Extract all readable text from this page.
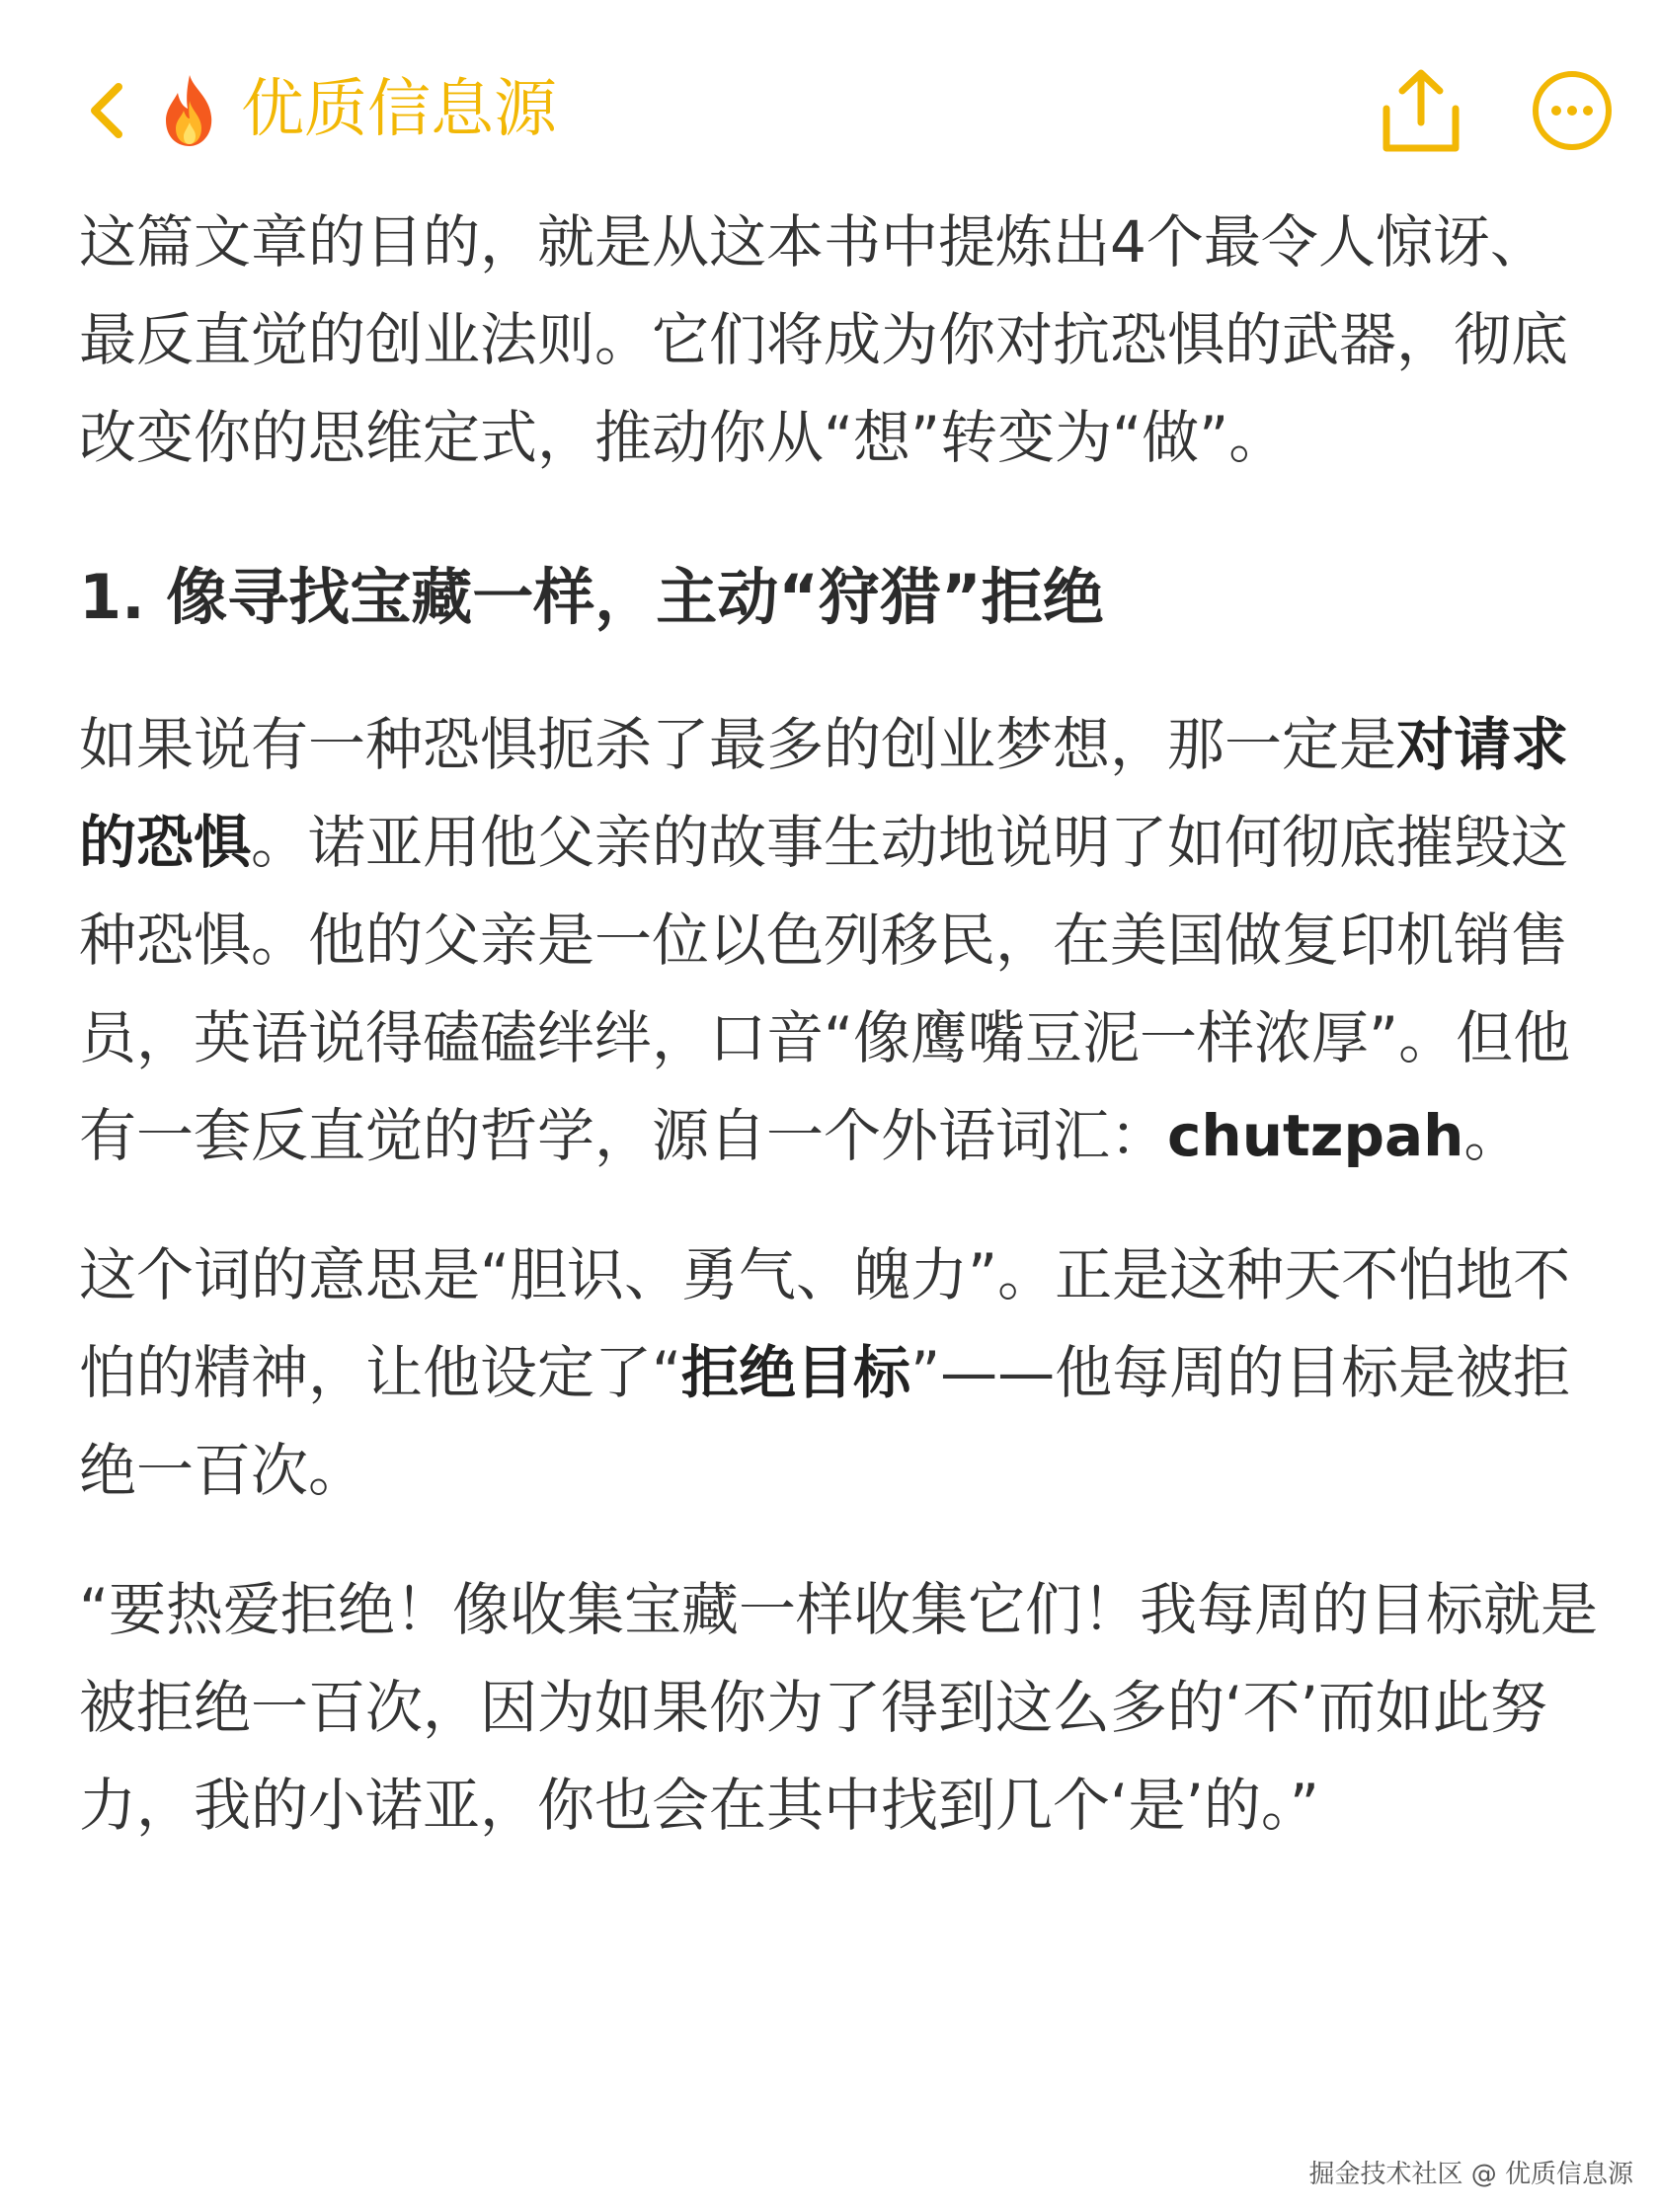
优质信息源

这篇文章的目的，就是从这本书中提炼出4个最令人惊讶、最反直觉的创业法则。它们将成为你对抗恐惧的武器，彻底改变你的思维定式，推动你从“想”转变为“做”。

1. 像寻找宝藏一样，主动“狩猎”拒绝

如果说有一种恐惧扼杀了最多的创业梦想，那一定是对请求的恐惧。诺亚用他父亲的故事生动地说明了如何彻底摧毁这种恐惧。他的父亲是一位以色列移民，在美国做复印机销售员，英语说得磕磕绊绊，口音“像鹰嘴豆泥一样浓厚”。但他有一套反直觉的哲学，源自一个外语词汇：chutzpah。

这个词的意思是“胆识、勇气、魄力”。正是这种天不怕地不怕的精神，让他设定了“拒绝目标”——他每周的目标是被拒绝一百次。

“要热爱拒绝！像收集宝藏一样收集它们！我每周的目标就是被拒绝一百次，因为如果你为了得到这么多的‘不’而如此努力，我的小诺亚，你也会在其中找到几个‘是’的。”

掘金技术社区 @ 优质信息源
